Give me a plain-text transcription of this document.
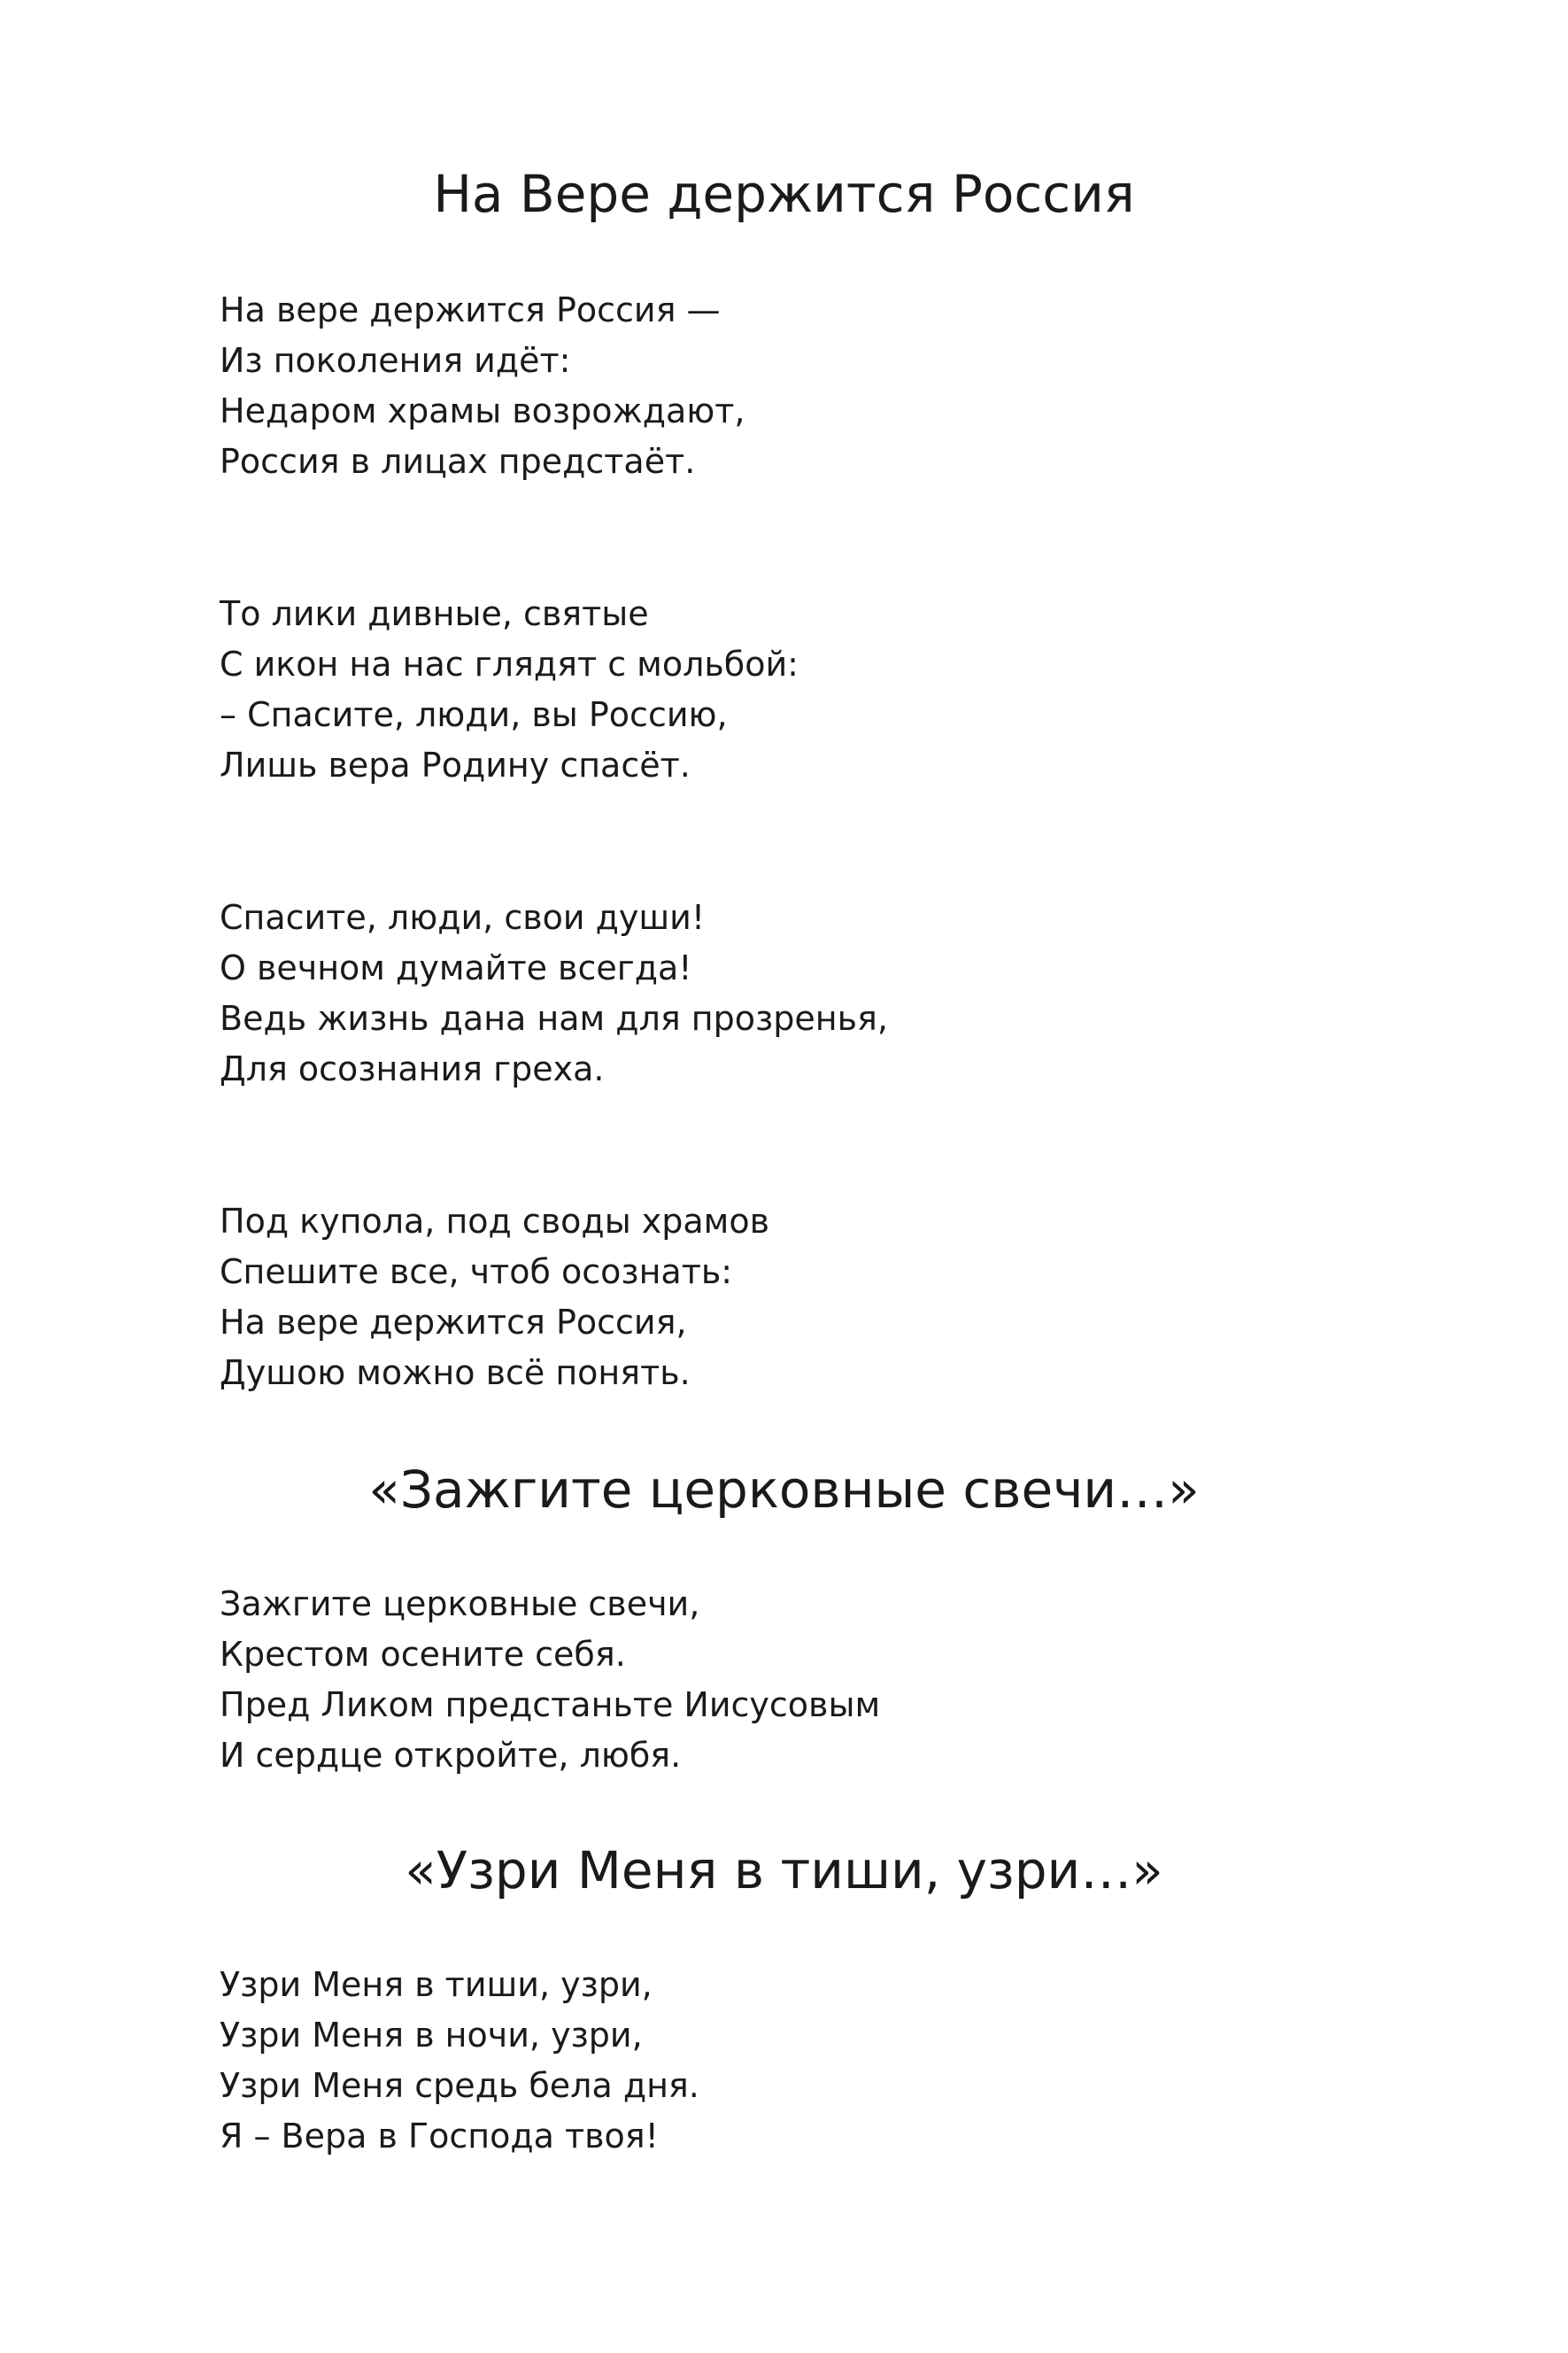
На Вере держится Россия
На вере держится Россия —
Из поколения идёт:
Недаром храмы возрождают,
Россия в лицах предстаёт.
То лики дивные, святые
С икон на нас глядят с мольбой:
– Спасите, люди, вы Россию,
Лишь вера Родину спасёт.
Спасите, люди, свои души!
О вечном думайте всегда!
Ведь жизнь дана нам для прозренья,
Для осознания греха.
Под купола, под своды храмов
Спешите все, чтоб осознать:
На вере держится Россия,
Душою можно всё понять.
«Зажгите церковные свечи…»
Зажгите церковные свечи,
Крестом осените себя.
Пред Ликом предстаньте Иисусовым
И сердце откройте, любя.
«Узри Меня в тиши, узри…»
Узри Меня в тиши, узри,
Узри Меня в ночи, узри,
Узри Меня средь бела дня.
Я – Вера в Господа твоя!
